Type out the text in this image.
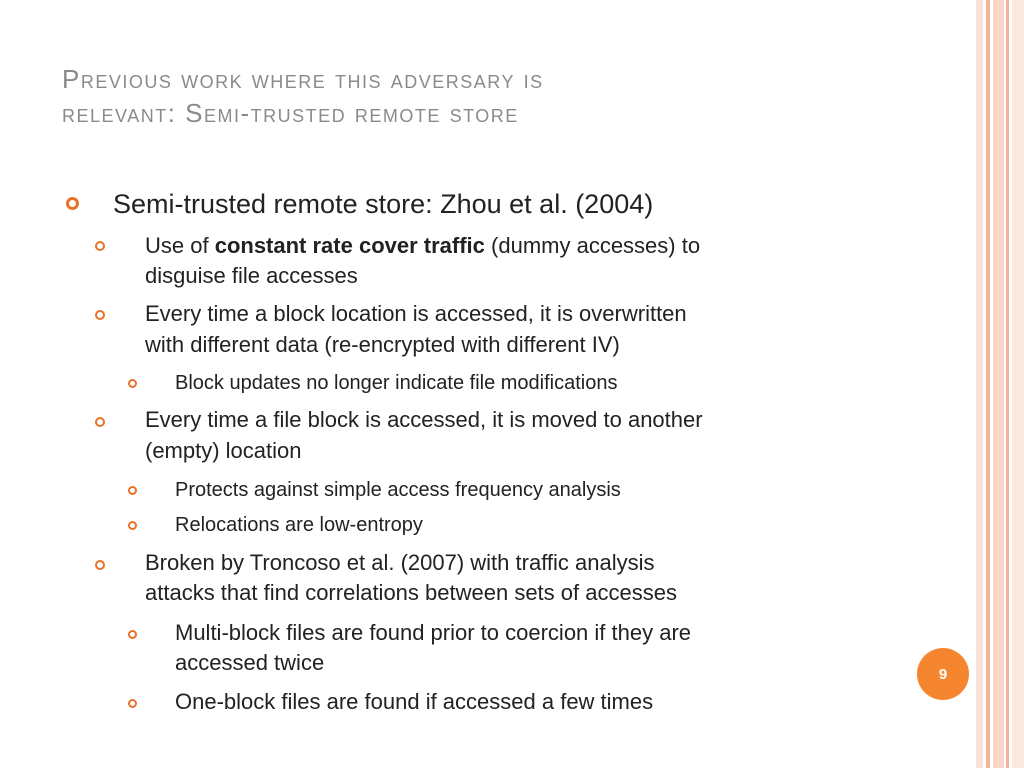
Previous work where this adversary is
relevant: Semi-trusted remote store
Semi-trusted remote store: Zhou et al. (2004)
Use of constant rate cover traffic (dummy accesses) to
disguise file accesses
Every time a block location is accessed, it is overwritten
with different data (re-encrypted with different IV)
Block updates no longer indicate file modifications
Every time a file block is accessed, it is moved to another
(empty) location
Protects against simple access frequency analysis
Relocations are low-entropy
Broken by Troncoso et al. (2007) with traffic analysis
attacks that find correlations between sets of accesses
Multi-block files are found prior to coercion if they are
accessed twice
One-block files are found if accessed a few times
9
